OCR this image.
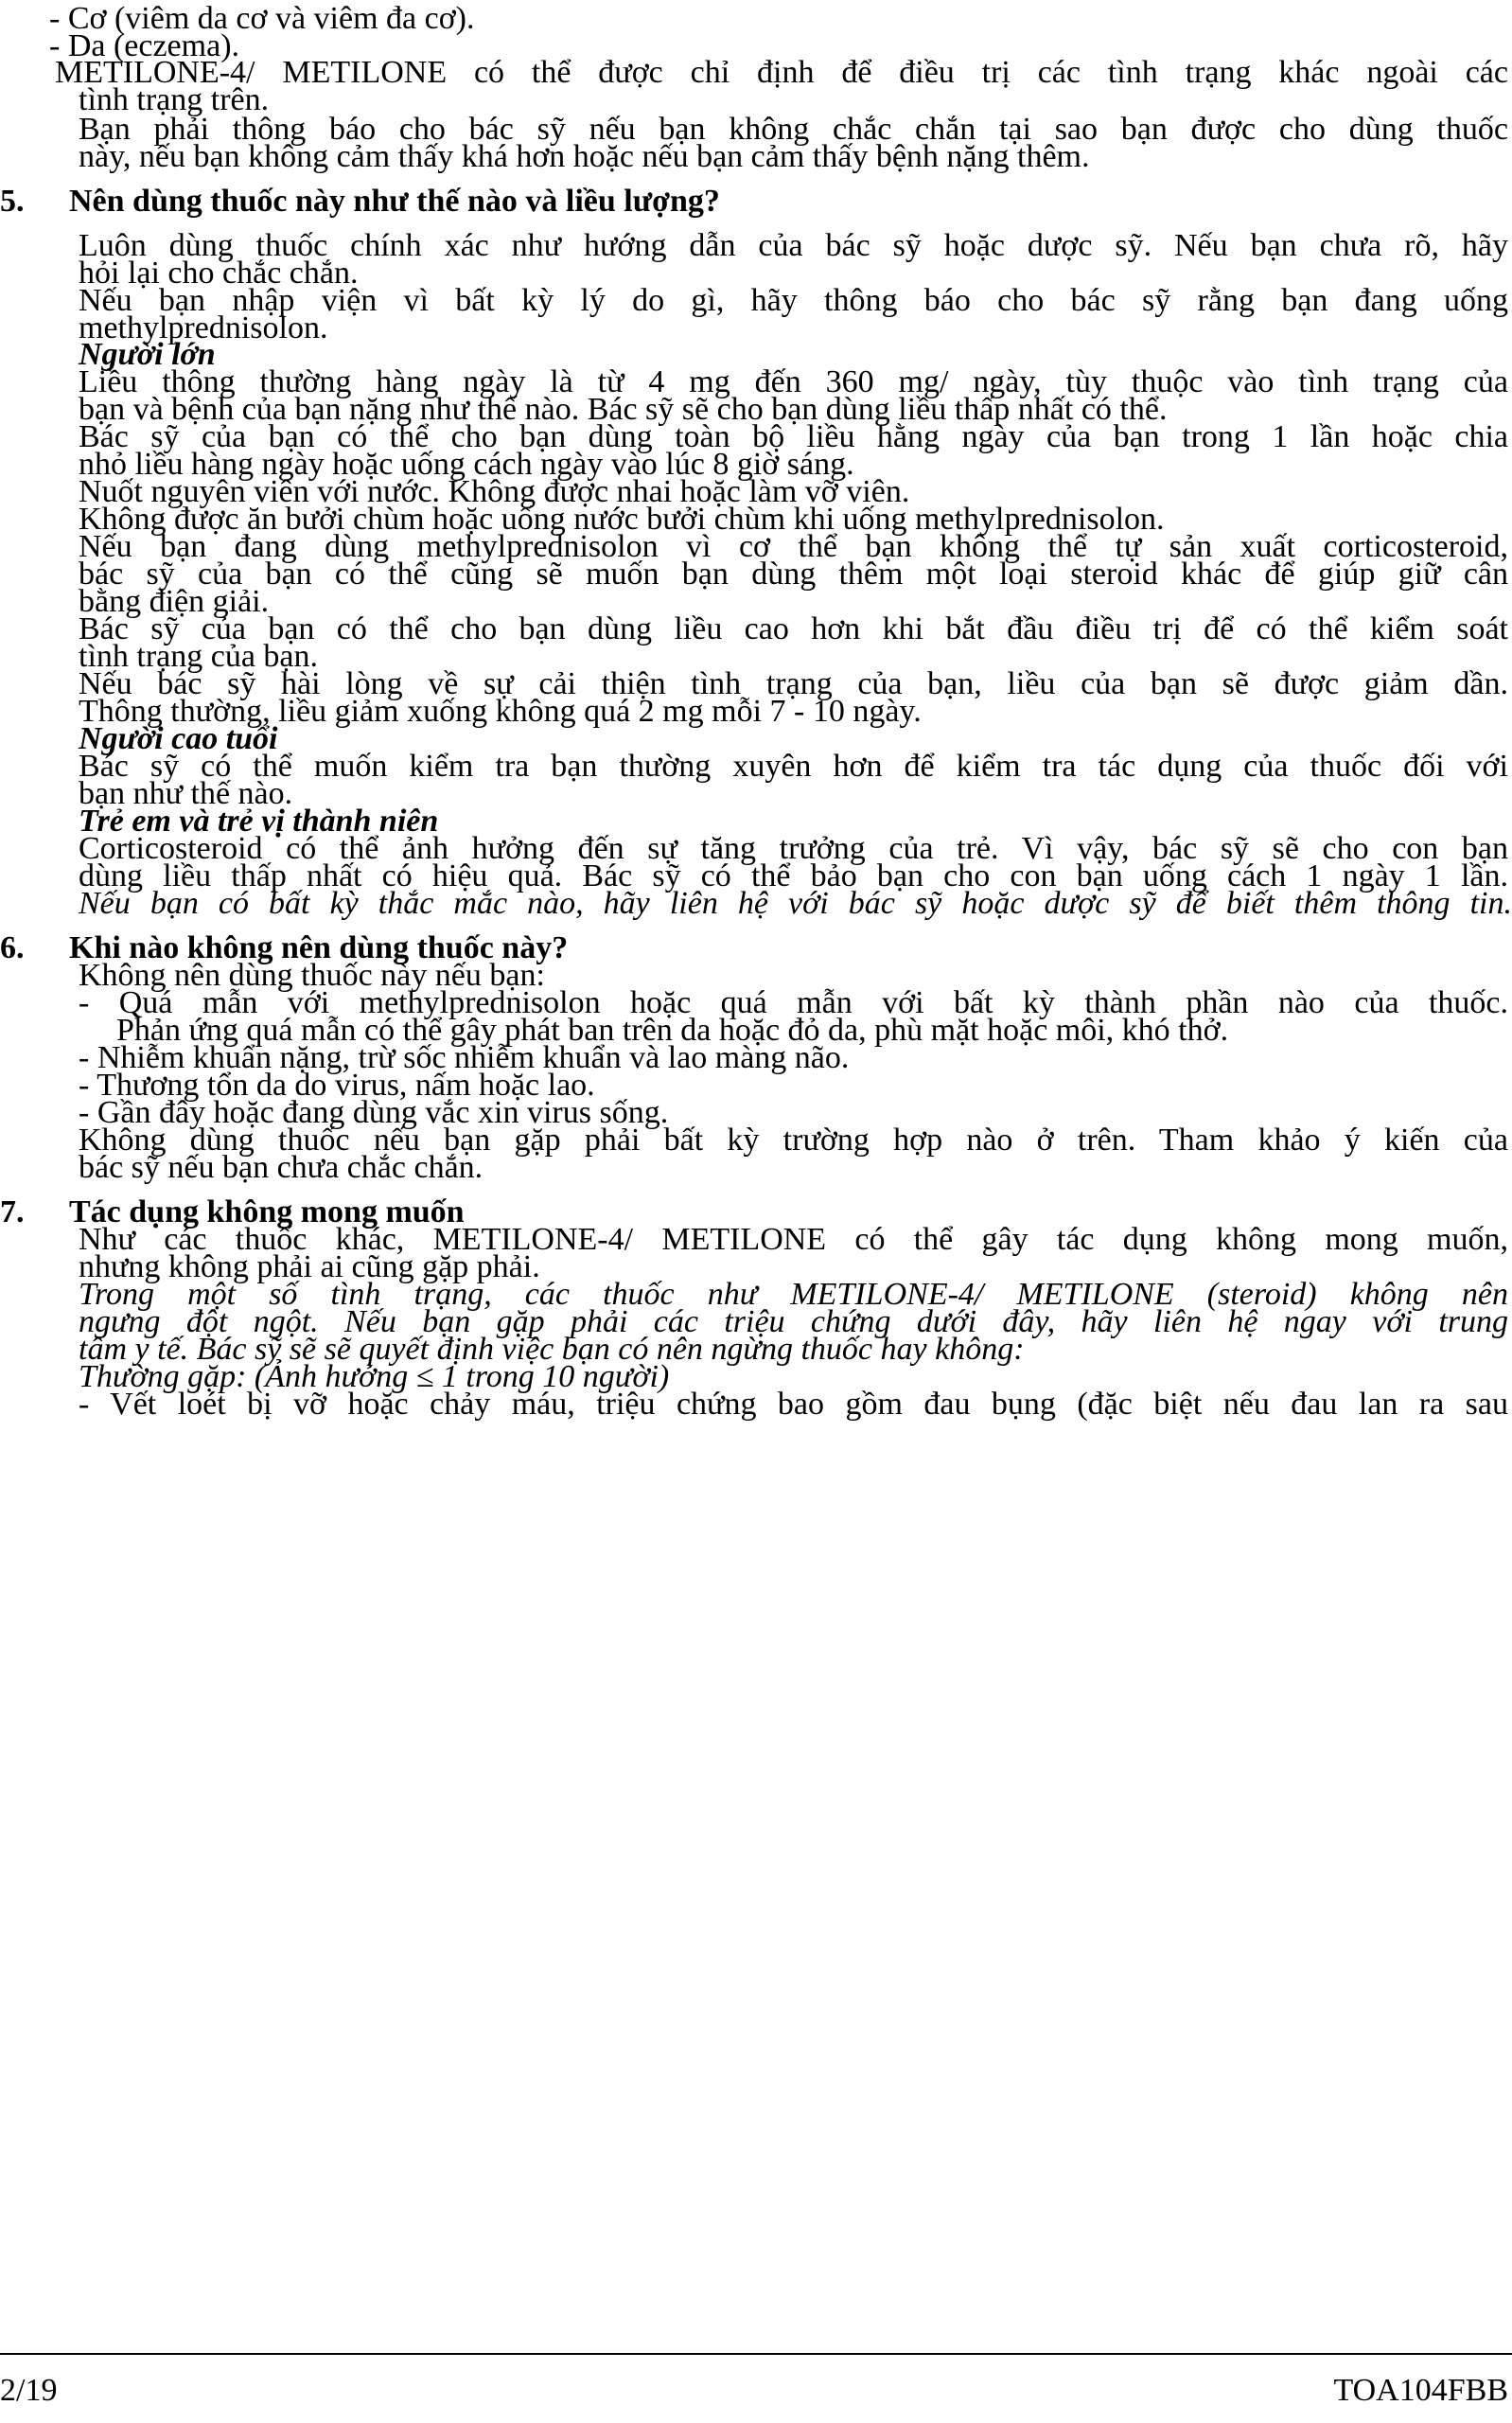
- Cơ (viêm da cơ và viêm đa cơ).
- Da (eczema).
METILONE-4/ METILONE có thể được chỉ định để điều trị các tình trạng khác ngoài các
tình trạng trên.
Bạn phải thông báo cho bác sỹ nếu bạn không chắc chắn tại sao bạn được cho dùng thuốc
này, nếu bạn không cảm thấy khá hơn hoặc nếu bạn cảm thấy bệnh nặng thêm.
5. Nên dùng thuốc này như thế nào và liều lượng?
Luôn dùng thuốc chính xác như hướng dẫn của bác sỹ hoặc dược sỹ. Nếu bạn chưa rõ, hãy
hỏi lại cho chắc chắn.
Nếu bạn nhập viện vì bất kỳ lý do gì, hãy thông báo cho bác sỹ rằng bạn đang uống
methylprednisolon.
Người lớn
Liều thông thường hàng ngày là từ 4 mg đến 360 mg/ ngày, tùy thuộc vào tình trạng của
bạn và bệnh của bạn nặng như thế nào. Bác sỹ sẽ cho bạn dùng liều thấp nhất có thể.
Bác sỹ của bạn có thể cho bạn dùng toàn bộ liều hằng ngày của bạn trong 1 lần hoặc chia
nhỏ liều hàng ngày hoặc uống cách ngày vào lúc 8 giờ sáng.
Nuốt nguyên viên với nước. Không được nhai hoặc làm vỡ viên.
Không được ăn bưởi chùm hoặc uống nước bưởi chùm khi uống methylprednisolon.
Nếu bạn đang dùng methylprednisolon vì cơ thể bạn không thể tự sản xuất corticosteroid,
bác sỹ của bạn có thể cũng sẽ muốn bạn dùng thêm một loại steroid khác để giúp giữ cân
bằng điện giải.
Bác sỹ của bạn có thể cho bạn dùng liều cao hơn khi bắt đầu điều trị để có thể kiểm soát
tình trạng của bạn.
Nếu bác sỹ hài lòng về sự cải thiện tình trạng của bạn, liều của bạn sẽ được giảm dần.
Thông thường, liều giảm xuống không quá 2 mg mỗi 7 - 10 ngày.
Người cao tuổi
Bác sỹ có thể muốn kiểm tra bạn thường xuyên hơn để kiểm tra tác dụng của thuốc đối với
bạn như thế nào.
Trẻ em và trẻ vị thành niên
Corticosteroid có thể ảnh hưởng đến sự tăng trưởng của trẻ. Vì vậy, bác sỹ sẽ cho con bạn
dùng liều thấp nhất có hiệu quả. Bác sỹ có thể bảo bạn cho con bạn uống cách 1 ngày 1 lần.
Nếu bạn có bất kỳ thắc mắc nào, hãy liên hệ với bác sỹ hoặc dược sỹ để biết thêm thông tin.
6. Khi nào không nên dùng thuốc này?
Không nên dùng thuốc này nếu bạn:
- Quá mẫn với methylprednisolon hoặc quá mẫn với bất kỳ thành phần nào của thuốc.
Phản ứng quá mẫn có thể gây phát ban trên da hoặc đỏ da, phù mặt hoặc môi, khó thở.
- Nhiễm khuẩn nặng, trừ sốc nhiễm khuẩn và lao màng não.
- Thương tổn da do virus, nấm hoặc lao.
- Gần đây hoặc đang dùng vắc xin virus sống.
Không dùng thuốc nếu bạn gặp phải bất kỳ trường hợp nào ở trên. Tham khảo ý kiến của
bác sỹ nếu bạn chưa chắc chắn.
7. Tác dụng không mong muốn
Như các thuốc khác, METILONE-4/ METILONE có thể gây tác dụng không mong muốn,
nhưng không phải ai cũng gặp phải.
Trong một số tình trạng, các thuốc như METILONE-4/ METILONE (steroid) không nên
ngưng đột ngột. Nếu bạn gặp phải các triệu chứng dưới đây, hãy liên hệ ngay với trung
tâm y tế. Bác sỹ sẽ sẽ quyết định việc bạn có nên ngừng thuốc hay không:
Thường gặp: (Ảnh hưởng ≤ 1 trong 10 người)
- Vết loét bị vỡ hoặc chảy máu, triệu chứng bao gồm đau bụng (đặc biệt nếu đau lan ra sau
2/19	TOA104FBB
